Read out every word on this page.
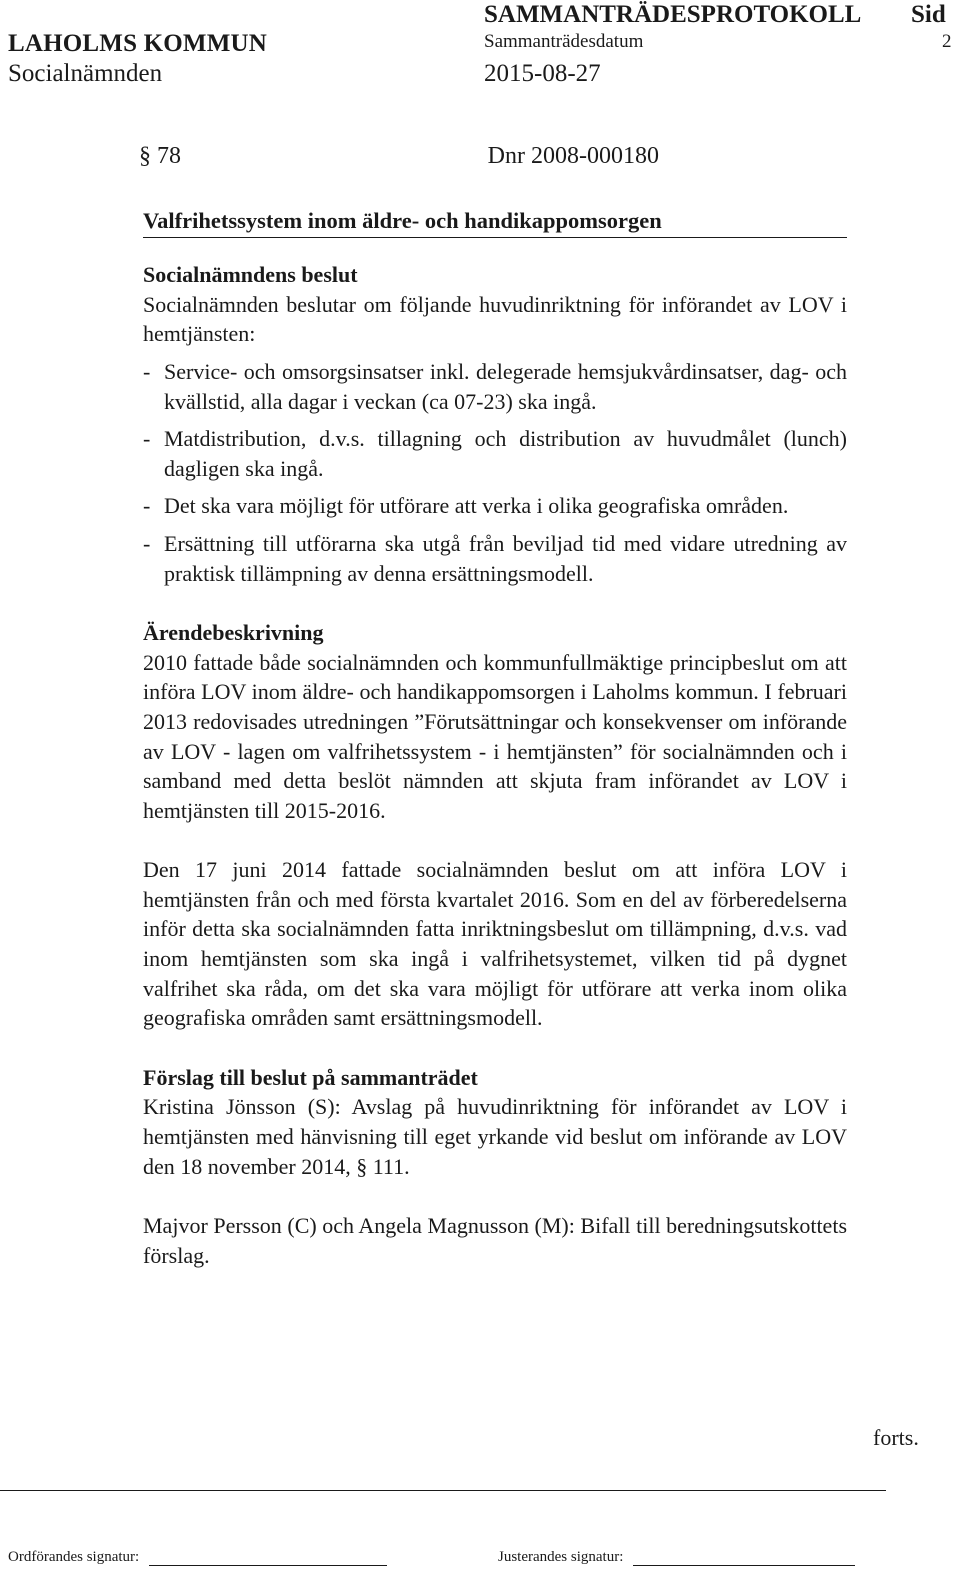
LAHOLMS KOMMUN
Socialnämnden
SAMMANTRÄDESPROTOKOLL
Sammanträdesdatum
2015-08-27
Sid
2
§ 78	Dnr 2008-000180
Valfrihetssystem inom äldre- och handikappomsorgen
Socialnämndens beslut

Socialnämnden beslutar om följande huvudinriktning för införandet av LOV i hemtjänsten:

- Service- och omsorgsinsatser inkl. delegerade hemsjukvårdinsatser, dag- och kvällstid, alla dagar i veckan (ca 07-23) ska ingå.
- Matdistribution, d.v.s. tillagning och distribution av huvudmålet (lunch) dagligen ska ingå.
- Det ska vara möjligt för utförare att verka i olika geografiska områden.
- Ersättning till utförarna ska utgå från beviljad tid med vidare utredning av praktisk tillämpning av denna ersättningsmodell.
Ärendebeskrivning

2010 fattade både socialnämnden och kommunfullmäktige principbeslut om att införa LOV inom äldre- och handikappomsorgen i Laholms kommun. I februari 2013 redovisades utredningen ”Förutsättningar och konsekvenser om införande av LOV - lagen om valfrihetssystem - i hemtjänsten” för socialnämnden och i samband med detta beslöt nämnden att skjuta fram införandet av LOV i hemtjänsten till 2015-2016.

Den 17 juni 2014 fattade socialnämnden beslut om att införa LOV i hemtjänsten från och med första kvartalet 2016. Som en del av förberedelserna inför detta ska socialnämnden fatta inriktningsbeslut om tillämpning, d.v.s. vad inom hemtjänsten som ska ingå i valfrihetsystemet, vilken tid på dygnet valfrihet ska råda, om det ska vara möjligt för utförare att verka inom olika geografiska områden samt ersättningsmodell.

Förslag till beslut på sammanträdet

Kristina Jönsson (S): Avslag på huvudinriktning för införandet av LOV i hemtjänsten med hänvisning till eget yrkande vid beslut om införande av LOV den 18 november 2014, § 111.

Majvor Persson (C) och Angela Magnusson (M): Bifall till beredningsutskottets förslag.

forts.
Ordförandes signatur:	Justerandes signatur:
